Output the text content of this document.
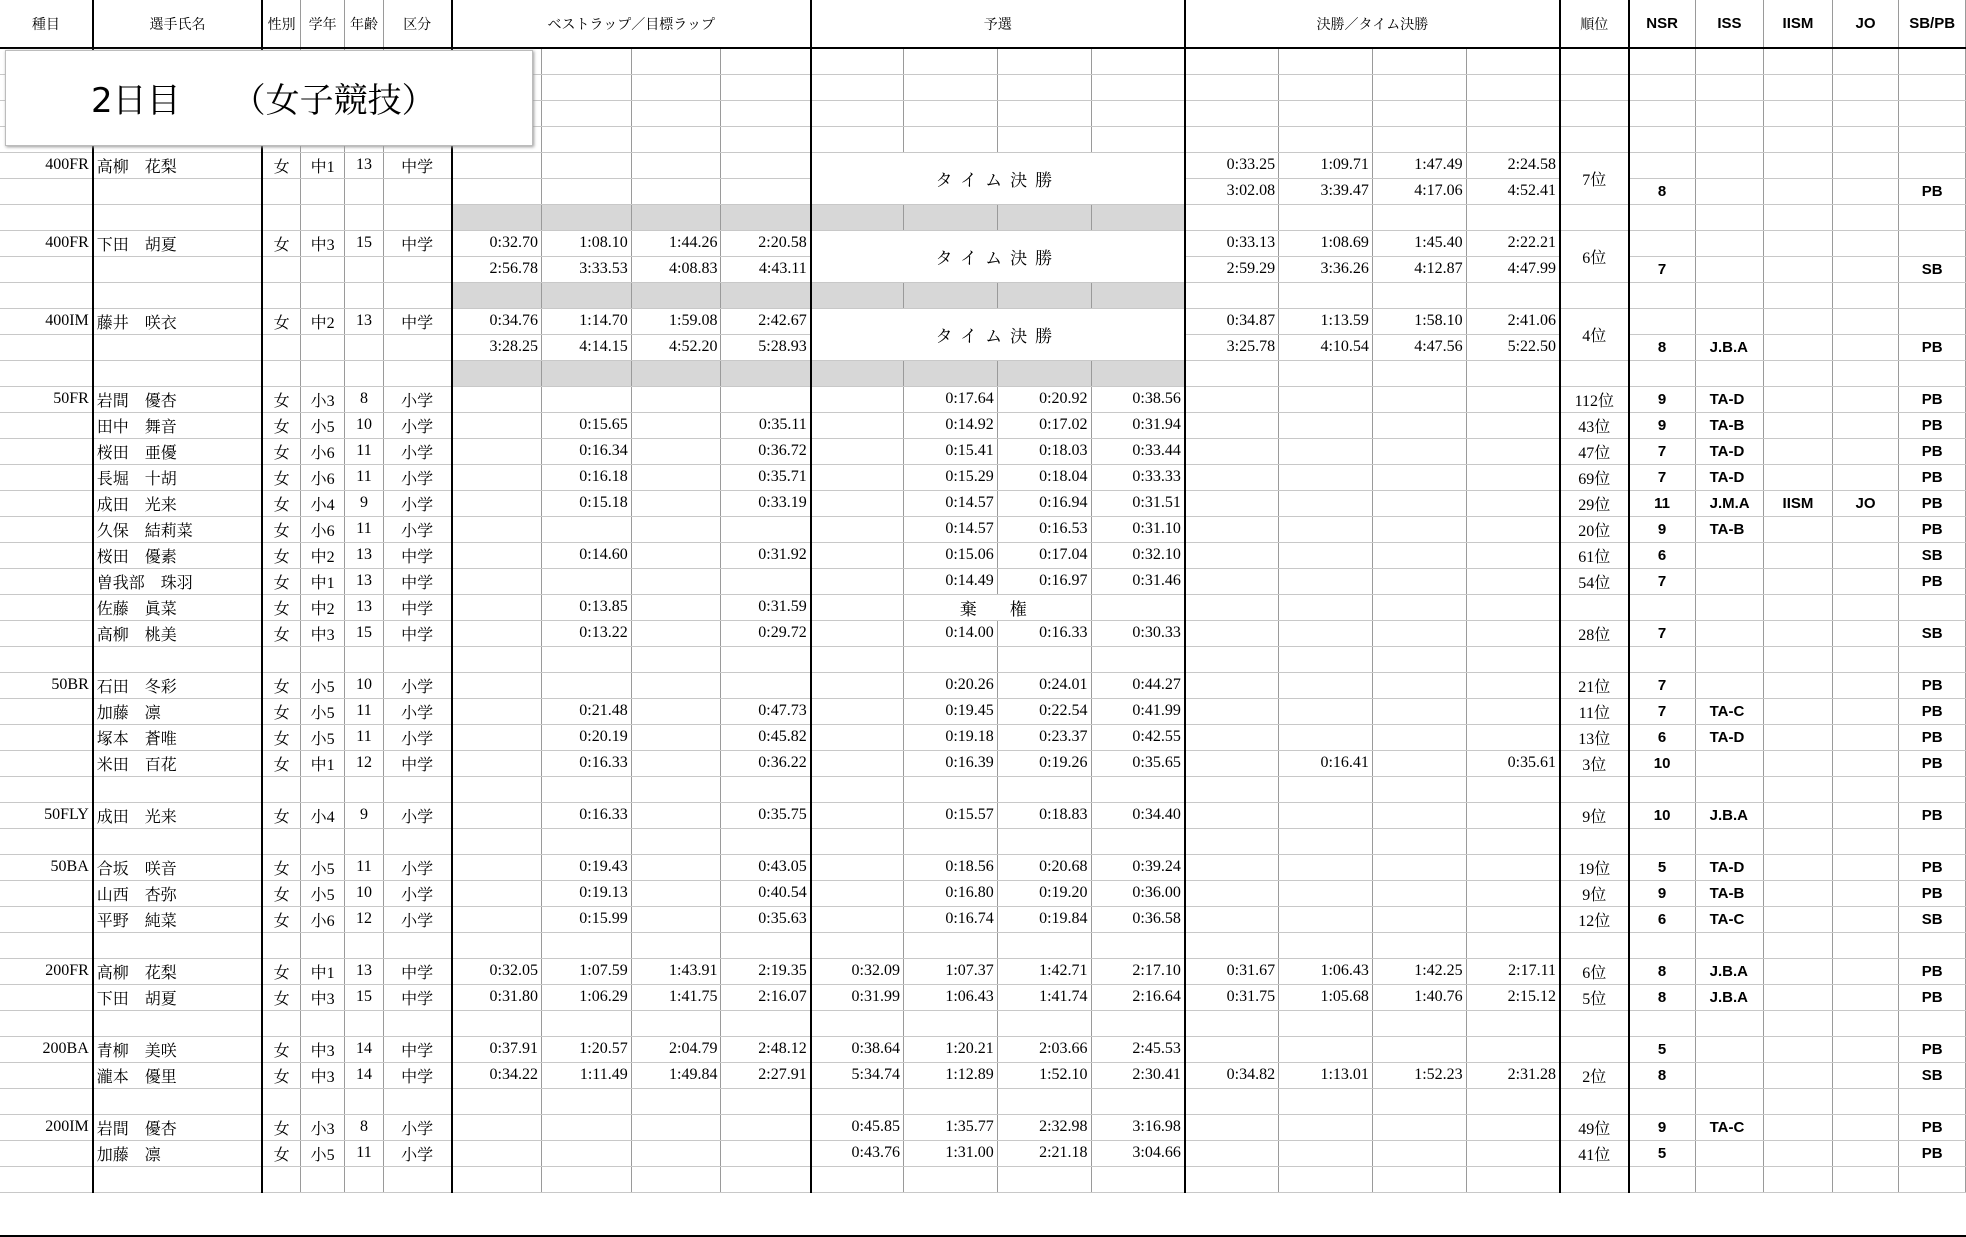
種目	選手氏名	性別	学年	年齢	区分	ベストラップ／目標ラップ				予選				決勝／タイム決勝				順位	NSR	ISS	IISM	JO	SB/PB

400FR	高柳　花梨	女	中1	13	中学					タイム決勝				0:33.25	1:09.71	1:47.49	2:24.58	7位					
														3:02.08	3:39.47	4:17.06	4:52.41		8				PB

400FR	下田　胡夏	女	中3	15	中学	0:32.70	1:08.10	1:44.26	2:20.58	タイム決勝				0:33.13	1:08.69	1:45.40	2:22.21	6位					
						2:56.78	3:33.53	4:08.83	4:43.11					2:59.29	3:36.26	4:12.87	4:47.99		7				SB

400IM	藤井　咲衣	女	中2	13	中学	0:34.76	1:14.70	1:59.08	2:42.67	タイム決勝				0:34.87	1:13.59	1:58.10	2:41.06	4位					
						3:28.25	4:14.15	4:52.20	5:28.93					3:25.78	4:10.54	4:47.56	5:22.50		8	J.B.A			PB

50FR	岩間　優杏	女	小3	8	小学						0:17.64	0:20.92	0:38.56					112位	9	TA-D			PB
	田中　舞音	女	小5	10	小学		0:15.65		0:35.11		0:14.92	0:17.02	0:31.94					43位	9	TA-B			PB
	桜田　亜優	女	小6	11	小学		0:16.34		0:36.72		0:15.41	0:18.03	0:33.44					47位	7	TA-D			PB
	長堀　十胡	女	小6	11	小学		0:16.18		0:35.71		0:15.29	0:18.04	0:33.33					69位	7	TA-D			PB
	成田　光来	女	小4	9	小学		0:15.18		0:33.19		0:14.57	0:16.94	0:31.51					29位	11	J.M.A	IISM	JO	PB
	久保　結莉菜	女	小6	11	小学						0:14.57	0:16.53	0:31.10					20位	9	TA-B			PB
	桜田　優素	女	中2	13	中学		0:14.60		0:31.92		0:15.06	0:17.04	0:32.10					61位	6				SB
	曽我部　珠羽	女	中1	13	中学						0:14.49	0:16.97	0:31.46					54位	7				PB
	佐藤　眞菜	女	中2	13	中学		0:13.85		0:31.59		棄　権												
	高柳　桃美	女	中3	15	中学		0:13.22		0:29.72		0:14.00	0:16.33	0:30.33					28位	7				SB

50BR	石田　冬彩	女	小5	10	小学						0:20.26	0:24.01	0:44.27					21位	7				PB
	加藤　凛	女	小5	11	小学		0:21.48		0:47.73		0:19.45	0:22.54	0:41.99					11位	7	TA-C			PB
	塚本　蒼唯	女	小5	11	小学		0:20.19		0:45.82		0:19.18	0:23.37	0:42.55					13位	6	TA-D			PB
	米田　百花	女	中1	12	中学		0:16.33		0:36.22		0:16.39	0:19.26	0:35.65		0:16.41		0:35.61	3位	10				PB

50FLY	成田　光来	女	小4	9	小学		0:16.33		0:35.75		0:15.57	0:18.83	0:34.40					9位	10	J.B.A			PB

50BA	合坂　咲音	女	小5	11	小学		0:19.43		0:43.05		0:18.56	0:20.68	0:39.24					19位	5	TA-D			PB
	山西　杏弥	女	小5	10	小学		0:19.13		0:40.54		0:16.80	0:19.20	0:36.00					9位	9	TA-B			PB
	平野　純菜	女	小6	12	小学		0:15.99		0:35.63		0:16.74	0:19.84	0:36.58					12位	6	TA-C			SB

200FR	高柳　花梨	女	中1	13	中学	0:32.05	1:07.59	1:43.91	2:19.35	0:32.09	1:07.37	1:42.71	2:17.10	0:31.67	1:06.43	1:42.25	2:17.11	6位	8	J.B.A			PB
	下田　胡夏	女	中3	15	中学	0:31.80	1:06.29	1:41.75	2:16.07	0:31.99	1:06.43	1:41.74	2:16.64	0:31.75	1:05.68	1:40.76	2:15.12	5位	8	J.B.A			PB

200BA	青柳　美咲	女	中3	14	中学	0:37.91	1:20.57	2:04.79	2:48.12	0:38.64	1:20.21	2:03.66	2:45.53						5				PB
	瀧本　優里	女	中3	14	中学	0:34.22	1:11.49	1:49.84	2:27.91	5:34.74	1:12.89	1:52.10	2:30.41	0:34.82	1:13.01	1:52.23	2:31.28	2位	8				SB

200IM	岩間　優杏	女	小3	8	小学					0:45.85	1:35.77	2:32.98	3:16.98					49位	9	TA-C			PB
	加藤　凛	女	小5	11	小学					0:43.76	1:31.00	2:21.18	3:04.66					41位	5				PB

2日目　　（女子競技）
